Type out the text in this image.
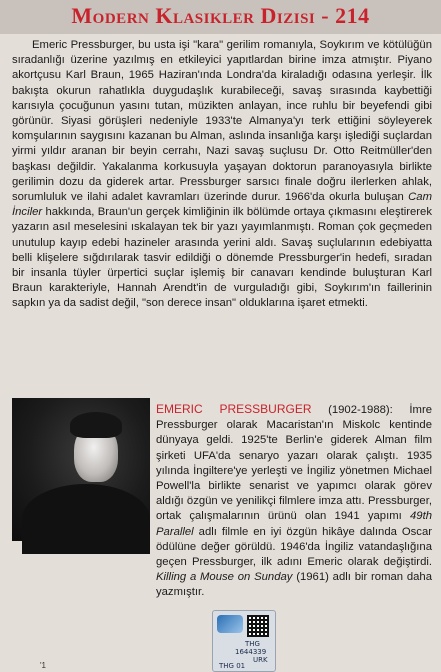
Modern Klasikler Dizisi - 214

Emeric Pressburger, bu usta işi "kara" gerilim romanıyla, Soykırım ve kötülüğün sıradanlığı üzerine yazılmış en etkileyici yapıtlardan birine imza atmıştır. Piyano akortçusu Karl Braun, 1965 Haziran'ında Londra'da kiraladığı odasına yerleşir. İlk bakışta okurun rahatlıkla duygudaşlık kurabileceği, savaş sırasında kaybettiği karısıyla çocuğunun yasını tutan, müzikten anlayan, ince ruhlu bir beyefendi gibi görünür. Siyasi görüşleri nedeniyle 1933'te Almanya'yı terk ettiğini söyleyerek komşularının saygısını kazanan bu Alman, aslında insanlığa karşı işlediği suçlardan yirmi yıldır aranan bir beyin cerrahı, Nazi savaş suçlusu Dr. Otto Reitmüller'den başkası değildir. Yakalanma korkusuyla yaşayan doktorun paranoyasıyla birlikte gerilimin dozu da giderek artar. Pressburger sarsıcı finale doğru ilerlerken ahlak, sorumluluk ve ilahi adalet kavramları üzerinde durur. 1966'da okurla buluşan Cam İnciler hakkında, Braun'un gerçek kimliğinin ilk bölümde ortaya çıkmasını eleştirerek yazarın asıl meselesini ıskalayan tek bir yazı yayımlanmıştı. Roman çok geçmeden unutulup kayıp edebi hazineler arasında yerini aldı. Savaş suçlularının edebiyatta belli klişelere sığdırılarak tasvir edildiği o dönemde Pressburger'in hedefi, sıradan bir insanla tüyler ürpertici suçlar işlemiş bir canavarı kendinde buluşturan Karl Braun karakteriyle, Hannah Arendt'in de vurguladığı gibi, Soykırım'ın faillerinin sapkın ya da sadist değil, "son derece insan" olduklarına işaret etmekti.

EMERIC PRESSBURGER (1902-1988): İmre Pressburger olarak Macaristan'ın Miskolc kentinde dünyaya geldi. 1925'te Berlin'e giderek Alman film şirketi UFA'da senaryo yazarı olarak çalıştı. 1935 yılında İngiltere'ye yerleşti ve İngiliz yönetmen Michael Powell'la birlikte senarist ve yapımcı olarak görev aldığı özgün ve yenilikçi filmlere imza attı. Pressburger, ortak çalışmalarının ürünü olan 1941 yapımı 49th Parallel adlı filmle en iyi özgün hikâye dalında Oscar ödülüne değer görüldü. 1946'da İngiliz vatandaşlığına geçen Pressburger, ilk adını Emeric olarak değiştirdi. Killing a Mouse on Sunday (1961) adlı bir roman daha yazmıştır.
THG
1644339
URK
THG 01
'1
